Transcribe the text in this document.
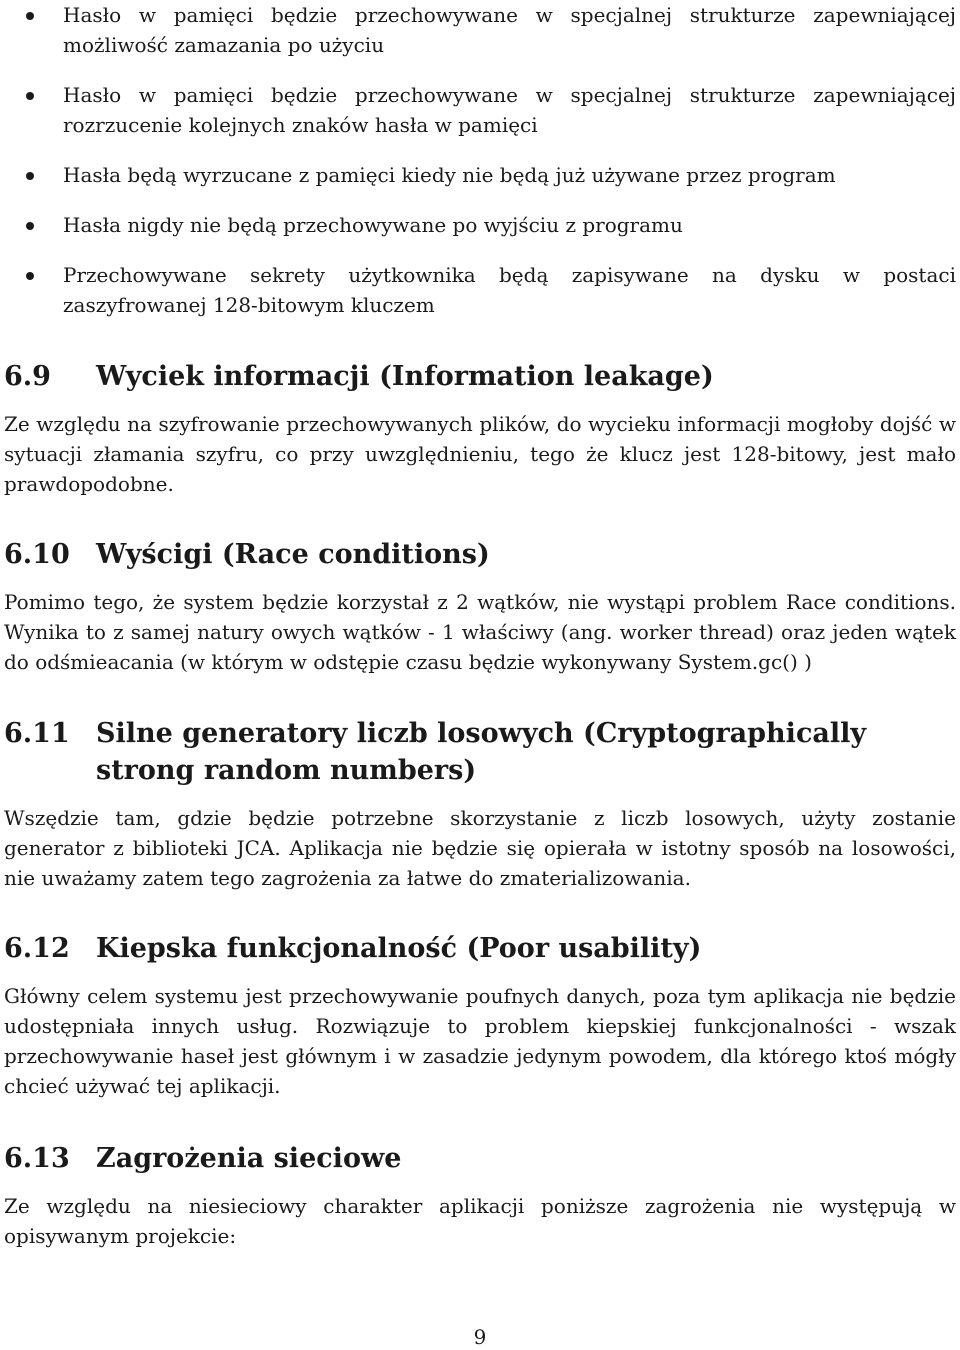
Hasło w pamięci będzie przechowywane w specjalnej strukturze zapewniającej możliwość zamazania po użyciu
Hasło w pamięci będzie przechowywane w specjalnej strukturze zapewniającej rozrzucenie kolejnych znaków hasła w pamięci
Hasła będą wyrzucane z pamięci kiedy nie będą już używane przez program
Hasła nigdy nie będą przechowywane po wyjściu z programu
Przechowywane sekrety użytkownika będą zapisywane na dysku w postaci zaszyfrowanej 128-bitowym kluczem
6.9	Wyciek informacji (Information leakage)

Ze względu na szyfrowanie przechowywanych plików, do wycieku informacji mogłoby dojść w sytuacji złamania szyfru, co przy uwzględnieniu, tego że klucz jest 128-bitowy, jest mało prawdopodobne.

6.10 Wyścigi (Race conditions)

Pomimo tego, że system będzie korzystał z 2 wątków, nie wystąpi problem Race conditions. Wynika to z samej natury owych wątków - 1 właściwy (ang. worker thread) oraz jeden wątek do odśmieacania (w którym w odstępie czasu będzie wykonywany System.gc() )

6.11 Silne generatory liczb losowych (Cryptographically strong random numbers)

Wszędzie tam, gdzie będzie potrzebne skorzystanie z liczb losowych, użyty zostanie generator z biblioteki JCA. Aplikacja nie będzie się opierała w istotny sposób na losowości, nie uważamy zatem tego zagrożenia za łatwe do zmaterializowania.

6.12 Kiepska funkcjonalność (Poor usability)

Główny celem systemu jest przechowywanie poufnych danych, poza tym aplikacja nie będzie udostępniała innych usług. Rozwiązuje to problem kiepskiej funkcjonalności - wszak przechowywanie haseł jest głównym i w zasadzie jedynym powodem, dla którego ktoś mógły chcieć używać tej aplikacji.

6.13 Zagrożenia sieciowe

Ze względu na niesieciowy charakter aplikacji poniższe zagrożenia nie występują w opisywanym projekcie:

9
